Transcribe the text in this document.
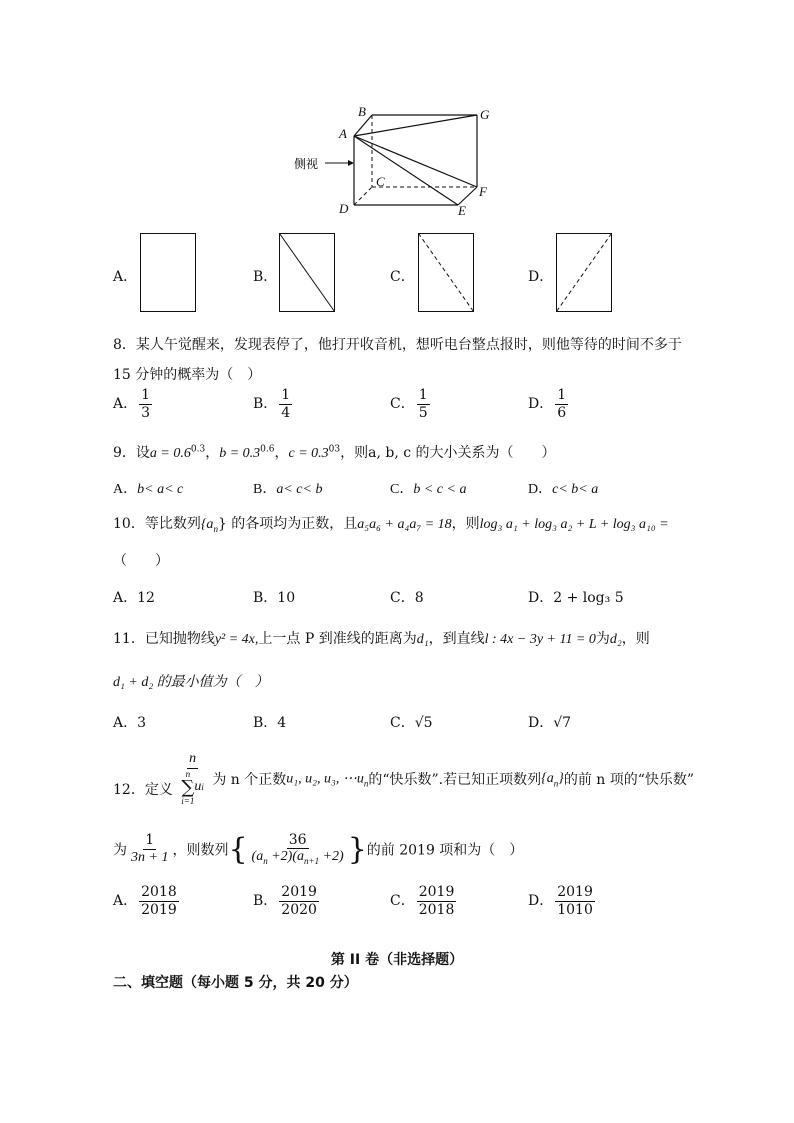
侧视
A
B
C
D	E
F
G
A．	B．	C．	D．
8．某人午觉醒来，发现表停了，他打开收音机，想听电台整点报时，则他等待的时间不多于
15 分钟的概率为（　）
A． $\frac{1}{3}$	B． $\frac{1}{4}$	C． $\frac{1}{5}$	D． $\frac{1}{6}$
9．设$a = 0.6^{0.3}$，$b = 0.3^{0.6}$，$c = 0.3^{03}$，则a, b, c 的大小关系为（　　）
A．b< a< c	B．a< c< b	C．b < c < a	D．c< b< a
10．等比数列$\{a_n\}$ 的各项均为正数，且a₅a₆ + a₄a₇ = 18，则log₃ a₁ + log₃ a₂ + L + log₃ a₁₀ =
（　　）
A．12	B．10	C．8	D．2 + log₃ 5
11．已知抛物线y² = 4x,上一点 P 到准线的距离为d₁，到直线l : 4x − 3y + 11 = 0为d₂，则
d₁ + d₂ 的最小值为（　）
A．3	B．4	C．√5	D．√7
12．定义 n
n
∑
i=1
u i 为 n 个正数u₁, u₂, u₃, $\cdots u_n$的“快乐数”.若已知正项数列$\{a_n\}$的前 n 项的“快乐数”
为 $\frac{1}{3n + 1}$ ，则数列{ $\frac{36}{(a_n +2)(a_{n+1} +2)}$ }的前 2019 项和为（　）
A． $\frac{2018}{2019}$	B． $\frac{2019}{2020}$	C． $\frac{2019}{2018}$	D． $\frac{2019}{1010}$
第 II 卷（非选择题）
二、填空题（每小题 5 分，共 20 分）
